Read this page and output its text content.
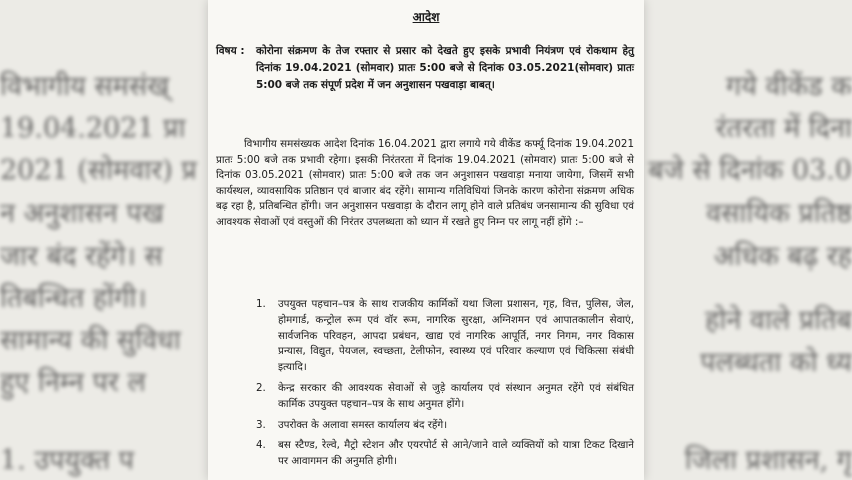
विभागीय समसंख्
19.04.2021 प्रा
2021 (सोमवार) प्र
न अनुशासन पख
जार बंद रहेंगे। स
तिबन्धित होंगी।
सामान्य की सुविधा
हुए निम्न पर ल
1. उपयुक्त प
गये वीकेंड क
रंतरता में दिना
बजे से दिनांक 03.0
वसायिक प्रतिष्ठ
अधिक बढ़ रह
होने वाले प्रतिब
पलब्धता को ध्य
जिला प्रशासन, गृ
आदेश
विषय : कोरोना संक्रमण के तेज रफ्तार से प्रसार को देखते हुए इसके प्रभावी नियंत्रण एवं रोकथाम हेतु दिनांक 19.04.2021 (सोमवार) प्रातः 5:00 बजे से दिनांक 03.05.2021(सोमवार) प्रातः 5:00 बजे तक संपूर्ण प्रदेश में जन अनुशासन पखवाड़ा बाबत्।
विभागीय समसंख्यक आदेश दिनांक 16.04.2021 द्वारा लगाये गये वीकेंड कर्फ्यू दिनांक 19.04.2021 प्रातः 5:00 बजे तक प्रभावी रहेगा। इसकी निरंतरता में दिनांक 19.04.2021 (सोमवार) प्रातः 5:00 बजे से दिनांक 03.05.2021 (सोमवार) प्रातः 5:00 बजे तक जन अनुशासन पखवाड़ा मनाया जायेगा, जिसमें सभी कार्यस्थल, व्यावसायिक प्रतिष्ठान एवं बाजार बंद रहेंगे। सामान्य गतिविधियां जिनके कारण कोरोना संक्रमण अधिक बढ़ रहा है, प्रतिबन्धित होंगी। जन अनुशासन पखवाड़ा के दौरान लागू होने वाले प्रतिबंध जनसामान्य की सुविधा एवं आवश्यक सेवाओं एवं वस्तुओं की निरंतर उपलब्धता को ध्यान में रखते हुए निम्न पर लागू नहीं होंगे :–
1. उपयुक्त पहचान–पत्र के साथ राजकीय कार्मिकों यथा जिला प्रशासन, गृह, वित्त, पुलिस, जेल, होमगार्ड, कन्ट्रोल रूम एवं वॉर रूम, नागरिक सुरक्षा, अग्निशमन एवं आपातकालीन सेवाएं, सार्वजनिक परिवहन, आपदा प्रबंधन, खाद्य एवं नागरिक आपूर्ति, नगर निगम, नगर विकास प्रन्यास, विद्युत, पेयजल, स्वच्छता, टेलीफोन, स्वास्थ्य एवं परिवार कल्याण एवं चिकित्सा संबंधी इत्यादि।
2. केन्द्र सरकार की आवश्यक सेवाओं से जुड़े कार्यालय एवं संस्थान अनुमत रहेंगे एवं संबंधित कार्मिक उपयुक्त पहचान–पत्र के साथ अनुमत होंगे।
3. उपरोक्त के अलावा समस्त कार्यालय बंद रहेंगे।
4. बस स्टैण्ड, रेल्वे, मैट्रो स्टेशन और एयरपोर्ट से आने/जाने वाले व्यक्तियों को यात्रा टिकट दिखाने पर आवागमन की अनुमति होगी।
